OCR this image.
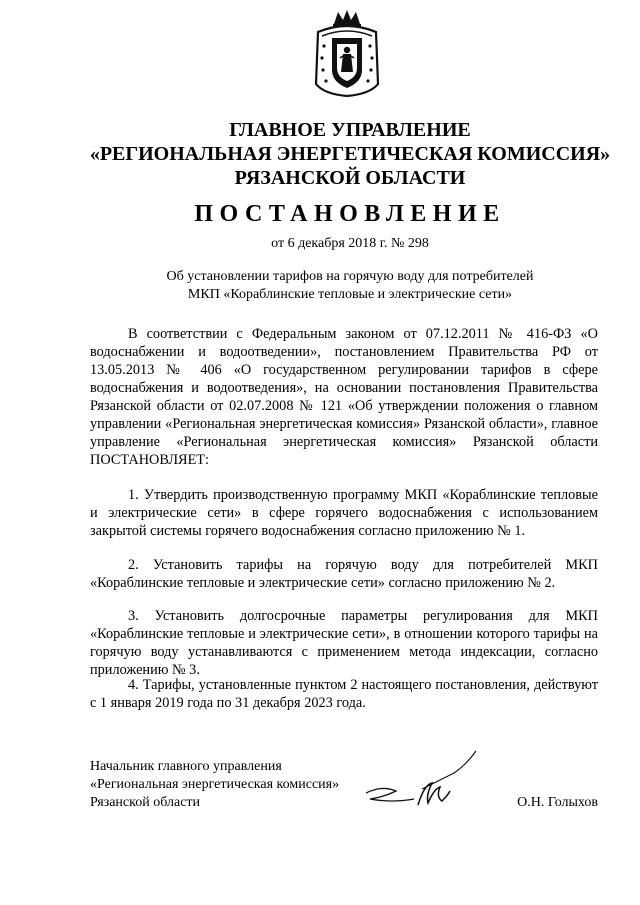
ГЛАВНОЕ УПРАВЛЕНИЕ
«РЕГИОНАЛЬНАЯ ЭНЕРГЕТИЧЕСКАЯ КОМИССИЯ»
РЯЗАНСКОЙ ОБЛАСТИ
ПОСТАНОВЛЕНИЕ
от 6 декабря 2018 г. № 298
Об установлении тарифов на горячую воду для потребителей
МКП «Кораблинские тепловые и электрические сети»

В соответствии с Федеральным законом от 07.12.2011 № 416-ФЗ «О водоснабжении и водоотведении», постановлением Правительства РФ от 13.05.2013 № 406 «О государственном регулировании тарифов в сфере водоснабжения и водоотведения», на основании постановления Правительства Рязанской области от 02.07.2008 № 121 «Об утверждении положения о главном управлении «Региональная энергетическая комиссия» Рязанской области», главное управление «Региональная энергетическая комиссия» Рязанской области ПОСТАНОВЛЯЕТ:

1. Утвердить производственную программу МКП «Кораблинские тепловые и электрические сети» в сфере горячего водоснабжения с использованием закрытой системы горячего водоснабжения согласно приложению № 1.

2. Установить тарифы на горячую воду для потребителей МКП «Кораблинские тепловые и электрические сети» согласно приложению № 2.

3. Установить долгосрочные параметры регулирования для МКП «Кораблинские тепловые и электрические сети», в отношении которого тарифы на горячую воду устанавливаются с применением метода индексации, согласно приложению № 3.

4. Тарифы, установленные пунктом 2 настоящего постановления, действуют с 1 января 2019 года по 31 декабря 2023 года.

Начальник главного управления
«Региональная энергетическая комиссия»
Рязанской области	О.Н. Голыхов
